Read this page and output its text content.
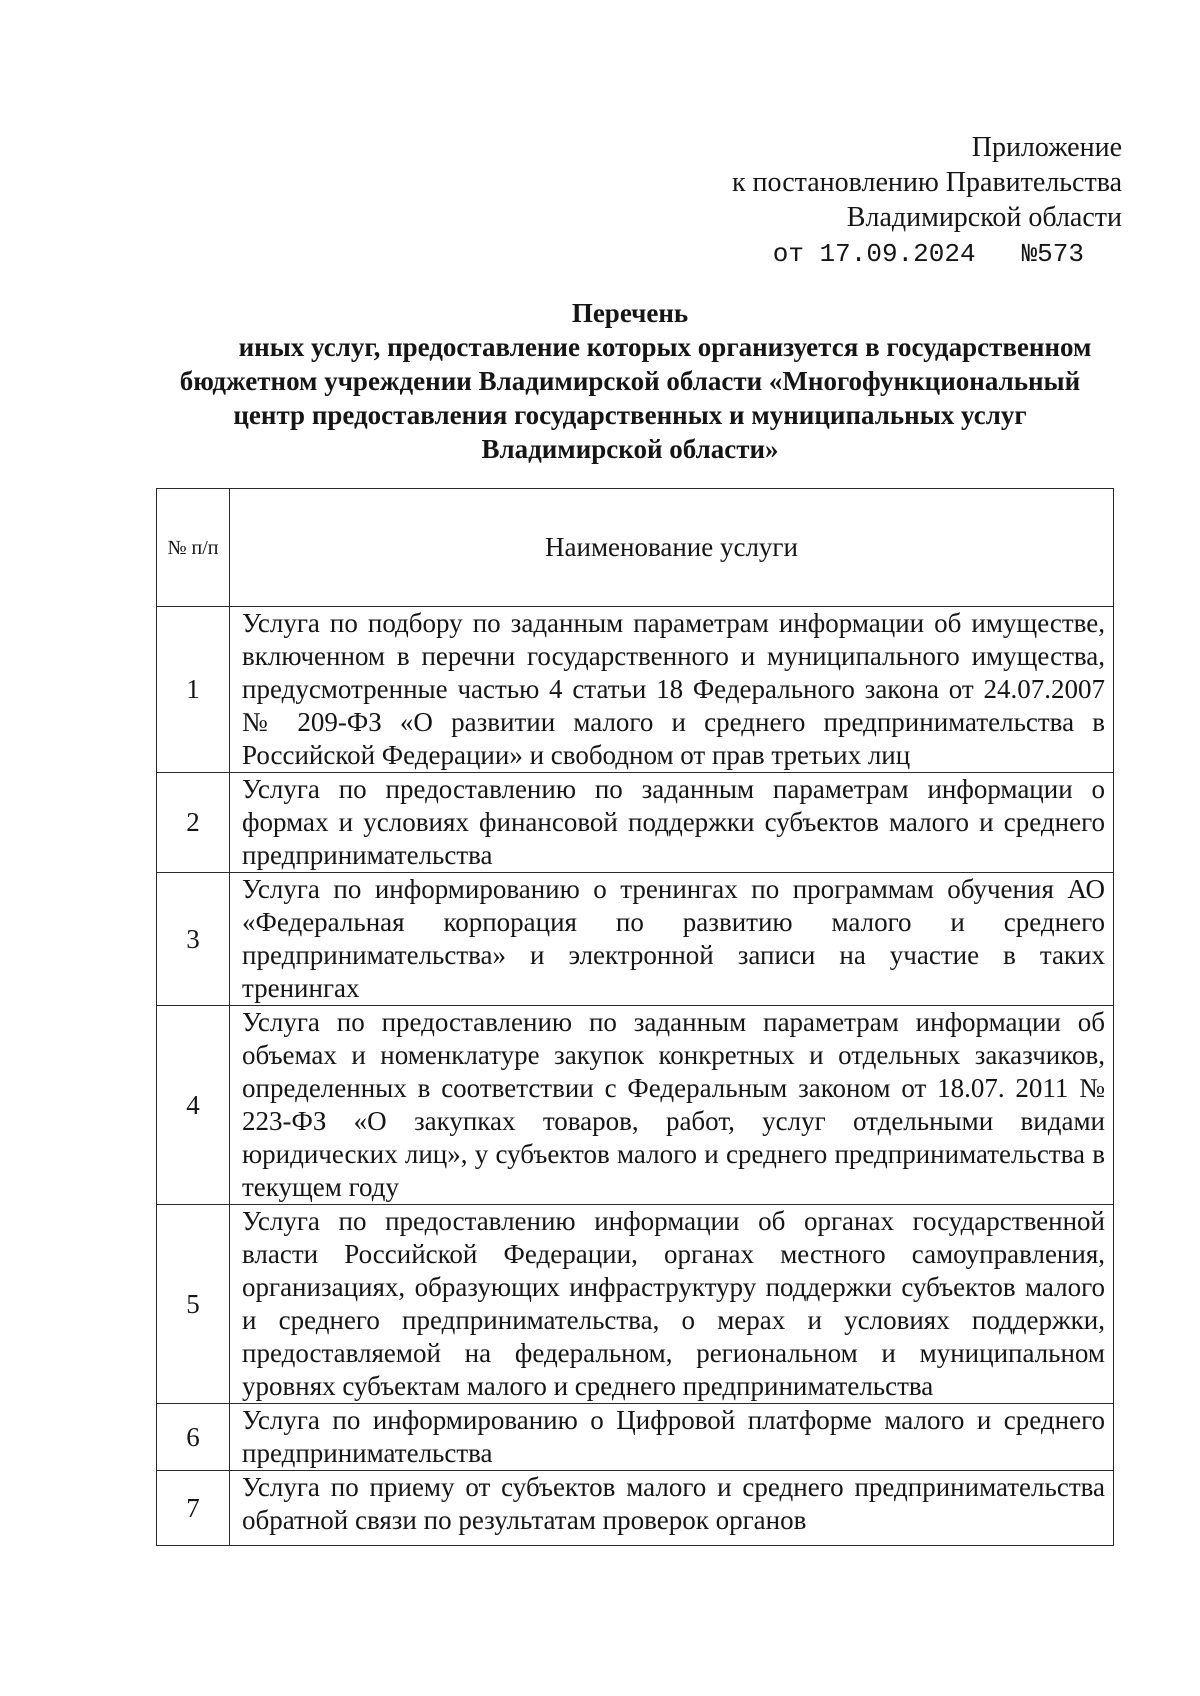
Приложение
к постановлению Правительства
Владимирской области
от 17.09.2024 №573
Перечень
иных услуг, предоставление которых организуется в государственном
бюджетном учреждении Владимирской области «Многофункциональный
центр предоставления государственных и муниципальных услуг
Владимирской области»
№ п/п	Наименование услуги
1	Услуга по подбору по заданным параметрам информации об имуществе, включенном в перечни государственного и муниципального имущества, предусмотренные частью 4 статьи 18 Федерального закона от 24.07.2007 № 209-ФЗ «О развитии малого и среднего предпринимательства в Российской Федерации» и свободном от прав третьих лиц
2	Услуга по предоставлению по заданным параметрам информации о формах и условиях финансовой поддержки субъектов малого и среднего предпринимательства
3	Услуга по информированию о тренингах по программам обучения АО «Федеральная корпорация по развитию малого и среднего предпринимательства» и электронной записи на участие в таких тренингах
4	Услуга по предоставлению по заданным параметрам информации об объемах и номенклатуре закупок конкретных и отдельных заказчиков, определенных в соответствии с Федеральным законом от 18.07. 2011 № 223-ФЗ «О закупках товаров, работ, услуг отдельными видами юридических лиц», у субъектов малого и среднего предпринимательства в текущем году
5	Услуга по предоставлению информации об органах государственной власти Российской Федерации, органах местного самоуправления, организациях, образующих инфраструктуру поддержки субъектов малого и среднего предпринимательства, о мерах и условиях поддержки, предоставляемой на федеральном, региональном и муниципальном уровнях субъектам малого и среднего предпринимательства
6	Услуга по информированию о Цифровой платформе малого и среднего предпринимательства
7	Услуга по приему от субъектов малого и среднего предпринимательства обратной связи по результатам проверок органов
